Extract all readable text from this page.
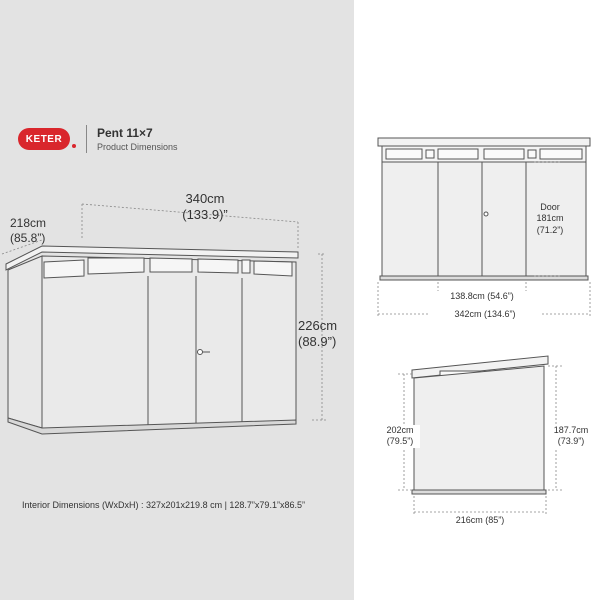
KETER	Pent 11×7
Product Dimensions
340cm
(133.9)”
218cm
(85.8”)
226cm
(88.9”)
Door
181cm
(71.2”)
138.8cm (54.6”)
342cm (134.6”)
202cm
(79.5”)
187.7cm
(73.9”)
216cm (85”)
Interior Dimensions (WxDxH) : 327x201x219.8 cm | 128.7”x79.1”x86.5”
